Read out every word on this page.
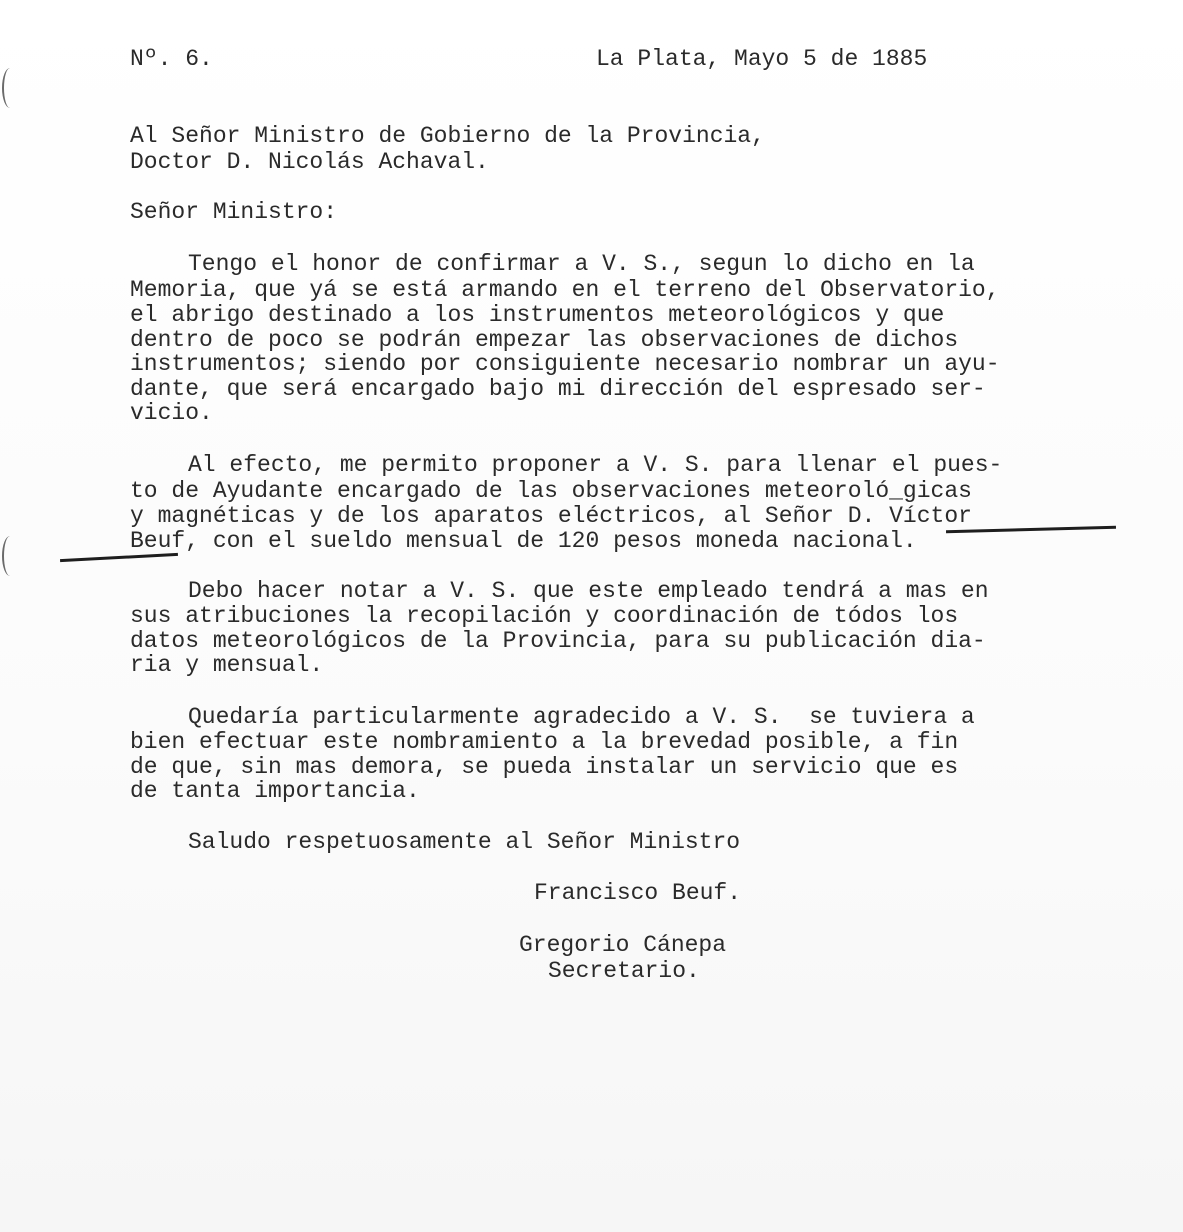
Nº. 6.	La Plata, Mayo 5 de 1885
Al Señor Ministro de Gobierno de la Provincia,
Doctor D. Nicolás Achaval.
Señor Ministro:
Tengo el honor de confirmar a V. S., segun lo dicho en la
Memoria, que yá se está armando en el terreno del Observatorio,
el abrigo destinado a los instrumentos meteorológicos y que
dentro de poco se podrán empezar las observaciones de dichos
instrumentos; siendo por consiguiente necesario nombrar un ayu-
dante, que será encargado bajo mi dirección del espresado ser-
vicio.
Al efecto, me permito proponer a V. S. para llenar el pues-
to de Ayudante encargado de las observaciones meteoroló_gicas
y magnéticas y de los aparatos eléctricos, al Señor D. Víctor
Beuf, con el sueldo mensual de 120 pesos moneda nacional.
Debo hacer notar a V. S. que este empleado tendrá a mas en
sus atribuciones la recopilación y coordinación de tódos los
datos meteorológicos de la Provincia, para su publicación dia-
ria y mensual.
Quedaría particularmente agradecido a V. S.  se tuviera a
bien efectuar este nombramiento a la brevedad posible, a fin
de que, sin mas demora, se pueda instalar un servicio que es
de tanta importancia.
Saludo respetuosamente al Señor Ministro
Francisco Beuf.
Gregorio Cánepa
Secretario.
